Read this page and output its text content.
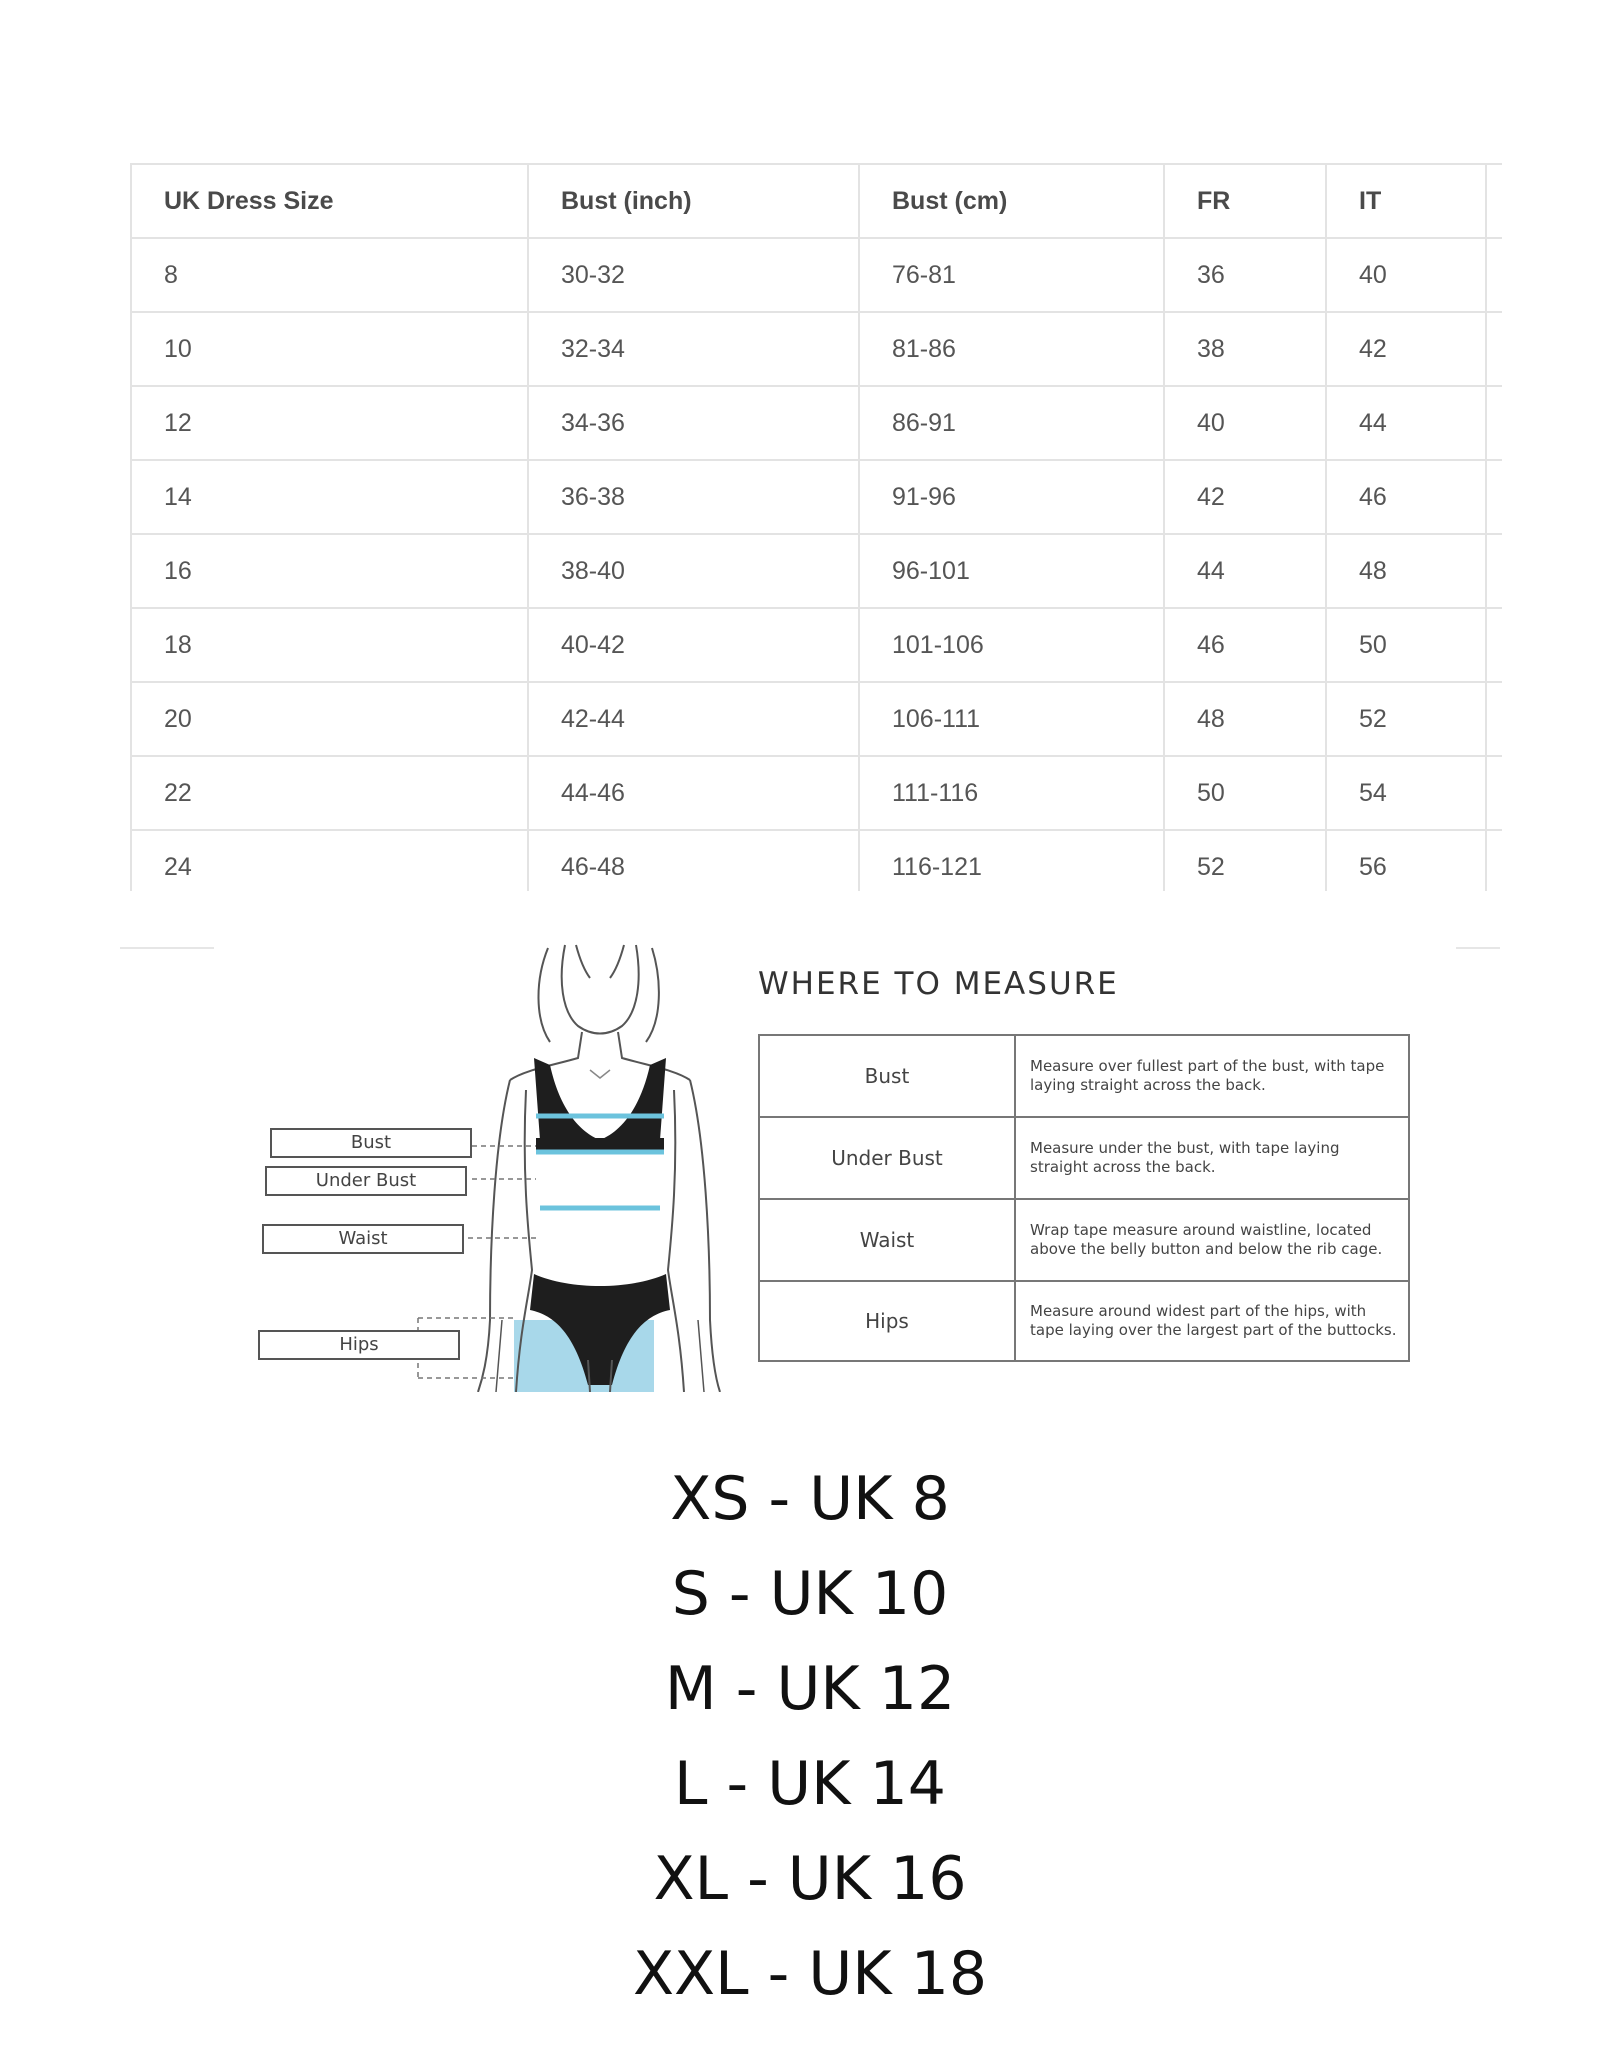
UK Dress Size	Bust (inch)	Bust (cm)	FR	IT	
8	30-32	76-81	36	40	
10	32-34	81-86	38	42	
12	34-36	86-91	40	44	
14	36-38	91-96	42	46	
16	38-40	96-101	44	48	
18	40-42	101-106	46	50	
20	42-44	106-111	48	52	
22	44-46	111-116	50	54	
24	46-48	116-121	52	56	
Bust
Under Bust
Waist
Hips
WHERE TO MEASURE
Bust	Measure over fullest part of the bust, with tape laying straight across the back.
Under Bust	Measure under the bust, with tape laying straight across the back.
Waist	Wrap tape measure around waistline, located above the belly button and below the rib cage.
Hips	Measure around widest part of the hips, with tape laying over the largest part of the buttocks.
XS - UK 8
S - UK 10
M - UK 12
L - UK 14
XL - UK 16
XXL - UK 18
